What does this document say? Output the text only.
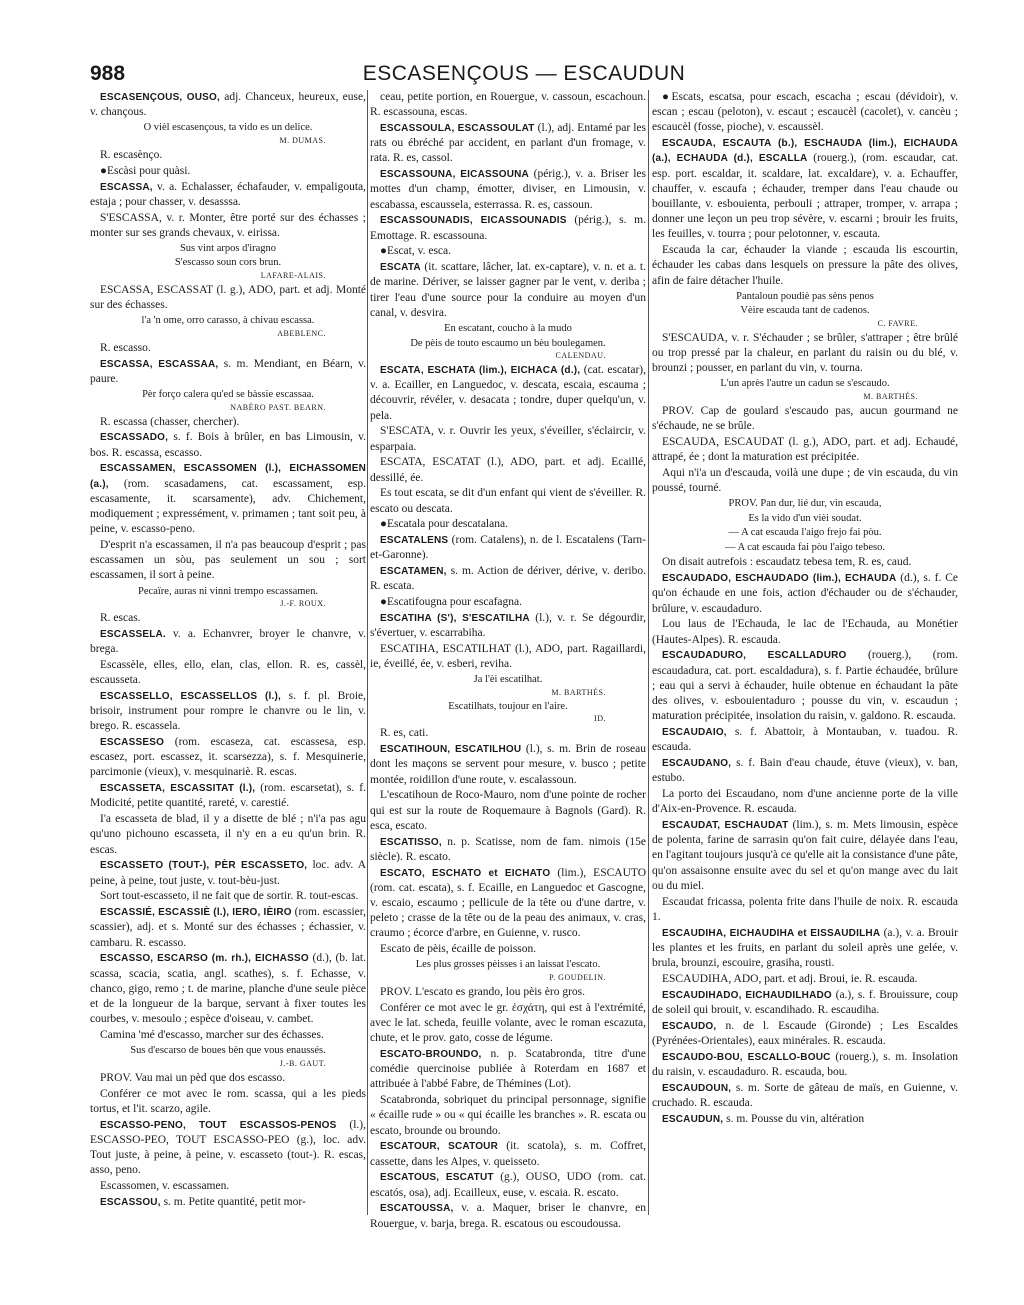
988	ESCASENÇOUS — ESCAUDUN
ESCASENÇOUS, OUSO, adj. Chanceux, heureux, euse, v. chançous.
O vièl escasençous, ta vido es un delice.
M. DUMAS.
R. escasènço.
●Escàsi pour quàsi.
ESCASSA, v. a. Echalasser, échafauder, v. empaligouta, estaja ; pour chasser, v. desasssa.
S'ESCASSA, v. r. Monter, être porté sur des échasses ; monter sur ses grands chevaux, v. eirissa.
Sus vint arpos d'iragno
S'escasso soun cors brun.
LAFARE-ALAIS.
ESCASSA, ESCASSAT (l. g.), ADO, part. et adj. Monté sur des échasses.
l'a 'n ome, orro carasso, à chivau escassa.
ABEBLENC.
R. escasso.
ESCASSA, ESCASSAA, s. m. Mendiant, en Béarn, v. paure.
Pèr forço calera qu'ed se bàssie escassaa.
NABÈRO PAST. BEARN.
R. escassa (chasser, chercher).
ESCASSADO, s. f. Bois à brûler, en bas Limousin, v. bos. R. escassa, escasso.
ESCASSAMEN, ESCASSOMEN (l.), EICHASSOMEN (a.), (rom. scasadamens, cat. escassament, esp. escasamente, it. scarsamente), adv. Chichement, modiquement ; expressément, v. primamen ; tant soit peu, à peine, v. escasso-peno.
D'esprit n'a escassamen, il n'a pas beaucoup d'esprit ; pas escassamen un sòu, pas seulement un sou ; sort escassamen, il sort à peine.
Pecaïre, auras ni vinni trempo escassamen.
J.-F. ROUX.
R. escas.
ESCASSELA. v. a. Echanvrer, broyer le chanvre, v. brega.
Escassèle, elles, ello, elan, clas, ellon. R. es, cassèl, escausseta.
ESCASSELLO, ESCASSELLOS (l.), s. f. pl. Broie, brisoir, instrument pour rompre le chanvre ou le lin, v. brego. R. escassela.
ESCASSESO (rom. escaseza, cat. escassesa, esp. escasez, port. escassez, it. scarsezza), s. f. Mesquinerie, parcimonie (vieux), v. mesquinariè. R. escas.
ESCASSETA, ESCASSITAT (l.), (rom. escarsetat), s. f. Modicité, petite quantité, rareté, v. carestié.
I'a escasseta de blad, il y a disette de blé ; n'i'a pas agu qu'uno pichouno escasseta, il n'y en a eu qu'un brin. R. escas.
ESCASSETO (TOUT-), PÈR ESCASSETO, loc. adv. A peine, à peine, tout juste, v. tout-bèu-just.
Sort tout-escasseto, il ne fait que de sortir. R. tout-escas.
ESCASSIÉ, ESCASSIÈ (l.), IERO, IÈIRO (rom. escassier, scassier), adj. et s. Monté sur des échasses ; échassier, v. cambaru. R. escasso.
ESCASSO, ESCARSO (m. rh.), EICHASSO (d.), (b. lat. scassa, scacia, scatia, angl. scathes), s. f. Echasse, v. chanco, gigo, remo ; t. de marine, planche d'une seule pièce et de la longueur de la barque, servant à fixer toutes les courbes, v. mesoulo ; espèce d'oiseau, v. cambet.
Camina 'mé d'escasso, marcher sur des échasses.
Sus d'escarso de boues bèn que vous enaussés.
J.-B. GAUT.
PROV. Vau mai un pèd que dos escasso.
Conférer ce mot avec le rom. scassa, qui a les pieds tortus, et l'it. scarzo, agile.
ESCASSO-PENO, TOUT ESCASSOS-PENOS (l.), ESCASSO-PEO, TOUT ESCASSO-PEO (g.), loc. adv. Tout juste, à peine, à peine, v. escasseto (tout-). R. escas, asso, peno.
Escassomen, v. escassamen.
ESCASSOU, s. m. Petite quantité, petit mor-
ceau, petite portion, en Rouergue, v. cassoun, escachoun. R. escassouna, escas.
ESCASSOULA, ESCASSOULAT (l.), adj. Entamé par les rats ou ébréché par accident, en parlant d'un fromage, v. rata. R. es, cassol.
ESCASSOUNA, EICASSOUNA (périg.), v. a. Briser les mottes d'un champ, émotter, diviser, en Limousin, v. escabassa, escaussela, esterrassa. R. es, cassoun.
ESCASSOUNADIS, EICASSOUNADIS (périg.), s. m. Emottage. R. escassouna.
●Escat, v. esca.
ESCATA (it. scattare, lâcher, lat. ex-captare), v. n. et a. t. de marine. Dériver, se laisser gagner par le vent, v. deriba ; tirer l'eau d'une source pour la conduire au moyen d'un canal, v. desvira.
En escatant, coucho à la mudo
De pèis de touto escaumo un bèu boulegamen.
CALENDAU.
ESCATA, ESCHATA (lim.), EICHACA (d.), (cat. escatar), v. a. Ecailler, en Languedoc, v. descata, escaia, escauma ; découvrir, révéler, v. desacata ; tondre, duper quelqu'un, v. pela.
S'ESCATA, v. r. Ouvrir les yeux, s'éveiller, s'éclaircir, v. esparpaia.
ESCATA, ESCATAT (l.), ADO, part. et adj. Ecaillé, dessillé, ée.
Es tout escata, se dit d'un enfant qui vient de s'éveiller. R. escato ou descata.
●Escatala pour descatalana.
ESCATALENS (rom. Catalens), n. de l. Escatalens (Tarn-et-Garonne).
ESCATAMEN, s. m. Action de dériver, dérive, v. deribo. R. escata.
●Escatifougna pour escafagna.
ESCATIHA (S'), S'ESCATILHA (l.), v. r. Se dégourdir, s'évertuer, v. escarrabiha.
ESCATIHA, ESCATILHAT (l.), ADO, part. Ragaillardi, ie, éveillé, ée, v. esberi, reviha.
Ja l'èi escatilhat.
M. BARTHÈS.
Escatilhats, toujour en l'aire.
ID.
R. es, cati.
ESCATIHOUN, ESCATILHOU (l.), s. m. Brin de roseau dont les maçons se servent pour mesure, v. busco ; petite montée, roidillon d'une route, v. escalassoun.
L'escatihoun de Roco-Mauro, nom d'une pointe de rocher qui est sur la route de Roquemaure à Bagnols (Gard). R. esca, escato.
ESCATISSO, n. p. Scatisse, nom de fam. nimois (15e siècle). R. escato.
ESCATO, ESCHATO et EICHATO (lim.), ESCAUTO (rom. cat. escata), s. f. Ecaille, en Languedoc et Gascogne, v. escaio, escaumo ; pellicule de la tête ou d'une dartre, v. peleto ; crasse de la tête ou de la peau des animaux, v. cras, craumo ; écorce d'arbre, en Guienne, v. rusco.
Escato de pèis, écaille de poisson.
Les plus grosses pèisses i an laissat l'escato.
P. GOUDELIN.
PROV. L'escato es grando, lou pèis èro gros.
Conférer ce mot avec le gr. ἐσχάτη, qui est à l'extrémité, avec le lat. scheda, feuille volante, avec le roman escazuta, chute, et le prov. gato, cosse de légume.
ESCATO-BROUNDO, n. p. Scatabronda, titre d'une comédie quercinoise publiée à Roterdam en 1687 et attribuée à l'abbé Fabre, de Thémines (Lot).
Scatabronda, sobriquet du principal personnage, signifie « écaille rude » ou « qui écaille les branches ». R. escata ou escato, brounde ou broundo.
ESCATOUR, SCATOUR (it. scatola), s. m. Coffret, cassette, dans les Alpes, v. queisseto.
ESCATOUS, ESCATUT (g.), OUSO, UDO (rom. cat. escatós, osa), adj. Ecailleux, euse, v. escaia. R. escato.
ESCATOUSSA, v. a. Maquer, briser le chanvre, en Rouergue, v. barja, brega. R. escatous ou escoudoussa.
●Escats, escatsa, pour escach, escacha ; escau (dévidoir), v. escan ; escau (peloton), v. escaut ; escaucèl (cacolet), v. cancèu ; escaucèl (fosse, pioche), v. escaussèl.
ESCAUDA, ESCAUTA (b.), ESCHAUDA (lim.), EICHAUDA (a.), ECHAUDA (d.), ESCALLA (rouerg.), (rom. escaudar, cat. esp. port. escaldar, it. scaldare, lat. excaldare), v. a. Echauffer, chauffer, v. escaufa ; échauder, tremper dans l'eau chaude ou bouillante, v. esbouienta, perbouli ; attraper, tromper, v. arrapa ; donner une leçon un peu trop sévère, v. escarni ; brouir les fruits, les feuilles, v. tourra ; pour pelotonner, v. escauta.
Escauda la car, échauder la viande ; escauda lis escourtin, échauder les cabas dans lesquels on pressure la pâte des olives, afin de faire détacher l'huile.
Pantaloun poudiè pas sèns penos
Vèire escauda tant de cadenos.
C. FAVRE.
S'ESCAUDA, v. r. S'échauder ; se brûler, s'attraper ; être brûlé ou trop pressé par la chaleur, en parlant du raisin ou du blé, v. brounzi ; pousser, en parlant du vin, v. tourna.
L'un après l'autre un cadun se s'escaudo.
M. BARTHÈS.
PROV. Cap de goulard s'escaudo pas, aucun gourmand ne s'échaude, ne se brûle.
ESCAUDA, ESCAUDAT (l. g.), ADO, part. et adj. Echaudé, attrapé, ée ; dont la maturation est précipitée.
Aqui n'i'a un d'escauda, voilà une dupe ; de vin escauda, du vin poussé, tourné.
PROV. Pan dur, lié dur, vin escauda,
Es la vido d'un vièi soudat.
— A cat escauda l'aigo frejo fai pòu.
— A cat escauda fai pòu l'aigo tebeso.
On disait autrefois : escaudatz tebesa tem, R. es, caud.
ESCAUDADO, ESCHAUDADO (lim.), ECHAUDA (d.), s. f. Ce qu'on échaude en une fois, action d'échauder ou de s'échauder, brûlure, v. escaudaduro.
Lou laus de l'Echauda, le lac de l'Echauda, au Monétier (Hautes-Alpes). R. escauda.
ESCAUDADURO, ESCALLADURO (rouerg.), (rom. escaudadura, cat. port. escaldadura), s. f. Partie échaudée, brûlure ; eau qui a servi à échauder, huile obtenue en échaudant la pâte des olives, v. esbouientaduro ; pousse du vin, v. escaudun ; maturation précipitée, insolation du raisin, v. galdono. R. escauda.
ESCAUDAIO, s. f. Abattoir, à Montauban, v. tuadou. R. escauda.
ESCAUDANO, s. f. Bain d'eau chaude, étuve (vieux), v. ban, estubo.
La porto dei Escaudano, nom d'une ancienne porte de la ville d'Aix-en-Provence. R. escauda.
ESCAUDAT, ESCHAUDAT (lim.), s. m. Mets limousin, espèce de polenta, farine de sarrasin qu'on fait cuire, délayée dans l'eau, en l'agitant toujours jusqu'à ce qu'elle ait la consistance d'une pâte, qu'on assaisonne ensuite avec du sel et qu'on mange avec du lait ou du miel.
Escaudat fricassa, polenta frite dans l'huile de noix. R. escauda 1.
ESCAUDIHA, EICHAUDIHA et EISSAUDILHA (a.), v. a. Brouir les plantes et les fruits, en parlant du soleil après une gelée, v. brula, brounzi, escouire, grasiha, rousti.
ESCAUDIHA, ADO, part. et adj. Broui, ie. R. escauda.
ESCAUDIHADO, EICHAUDILHADO (a.), s. f. Brouissure, coup de soleil qui brouit, v. escandihado. R. escaudiha.
ESCAUDO, n. de l. Escaude (Gironde) ; Les Escaldes (Pyrénées-Orientales), eaux minérales. R. escauda.
ESCAUDO-BOU, ESCALLO-BOUC (rouerg.), s. m. Insolation du raisin, v. escaudaduro. R. escauda, bou.
ESCAUDOUN, s. m. Sorte de gâteau de maïs, en Guienne, v. cruchado. R. escauda.
ESCAUDUN, s. m. Pousse du vin, altération
